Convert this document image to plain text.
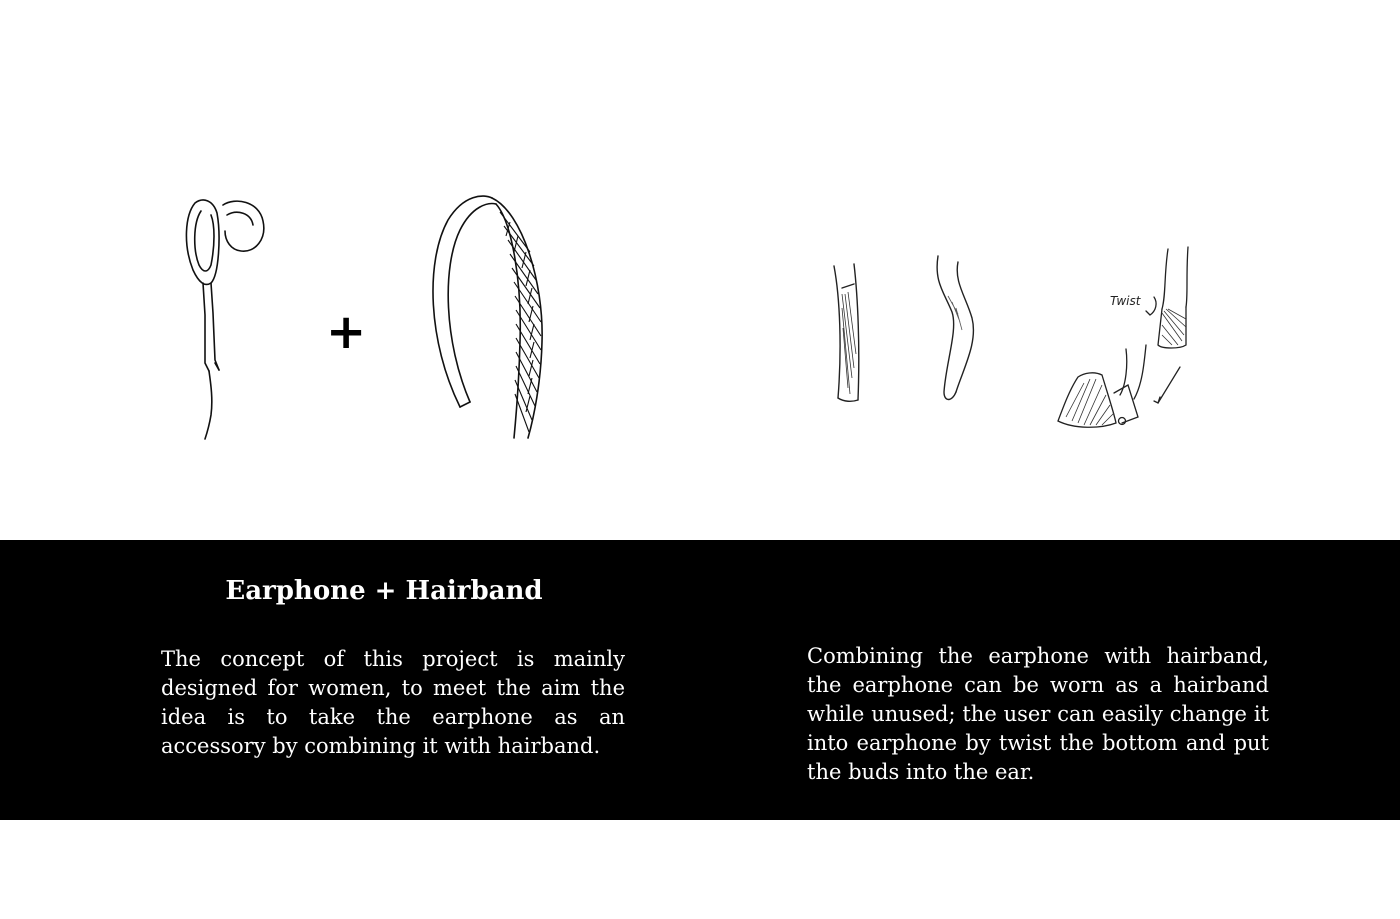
+
Twist
Earphone + Hairband

The concept of this project is mainly designed for women, to meet the aim the idea is to take the earphone as an accessory by combining it with hairband.

Combining the earphone with hairband, the earphone can be worn as a hairband while unused; the user can easily change it into earphone by twist the bottom and put the buds into the ear.
